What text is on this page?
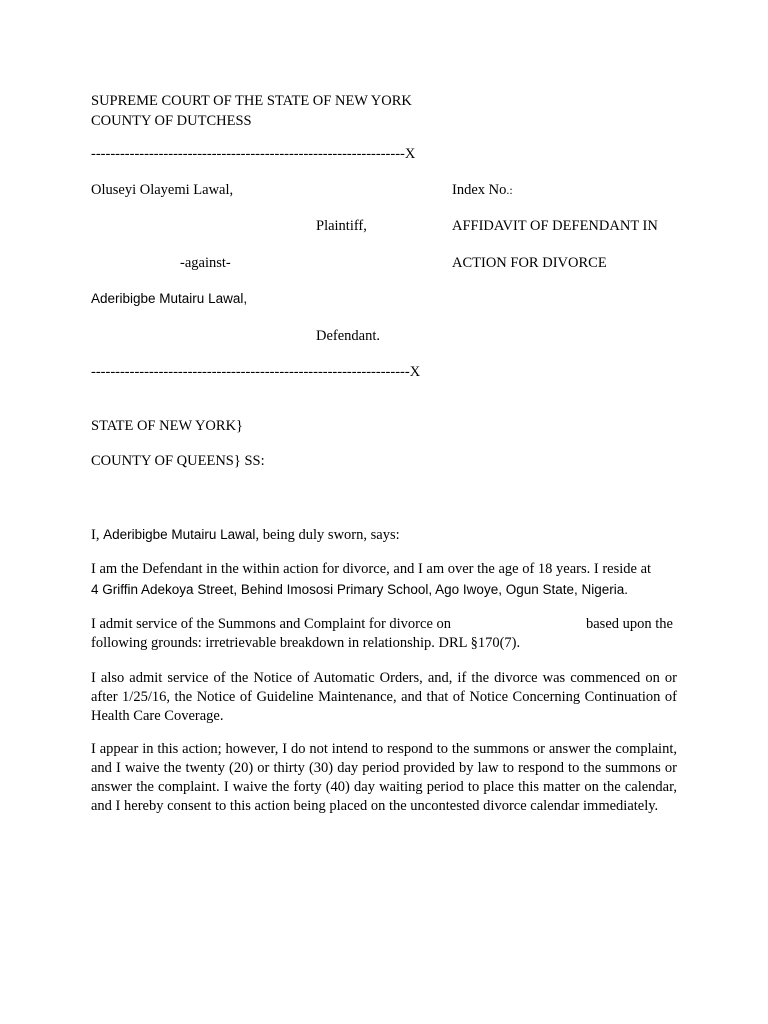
SUPREME COURT OF THE STATE OF NEW YORK
COUNTY OF DUTCHESS
-----------------------------------------------------------------X
Oluseyi Olayemi Lawal,	Index No.:
Plaintiff,	AFFIDAVIT OF DEFENDANT IN
-against-	ACTION FOR DIVORCE
Aderibigbe Mutairu Lawal,
Defendant.
------------------------------------------------------------------X
STATE OF NEW YORK}
COUNTY OF QUEENS} SS:
I, Aderibigbe Mutairu Lawal, being duly sworn, says:
I am the Defendant in the within action for divorce, and I am over the age of 18 years. I reside at
4 Griffin Adekoya Street, Behind Imososi Primary School, Ago Iwoye, Ogun State, Nigeria.
I admit service of the Summons and Complaint for divorce on	based upon the
following grounds: irretrievable breakdown in relationship. DRL §170(7).
I also admit service of the Notice of Automatic Orders, and, if the divorce was commenced on or after 1/25/16, the Notice of Guideline Maintenance, and that of Notice Concerning Continuation of Health Care Coverage.
I appear in this action; however, I do not intend to respond to the summons or answer the complaint, and I waive the twenty (20) or thirty (30) day period provided by law to respond to the summons or answer the complaint. I waive the forty (40) day waiting period to place this matter on the calendar, and I hereby consent to this action being placed on the uncontested divorce calendar immediately.
